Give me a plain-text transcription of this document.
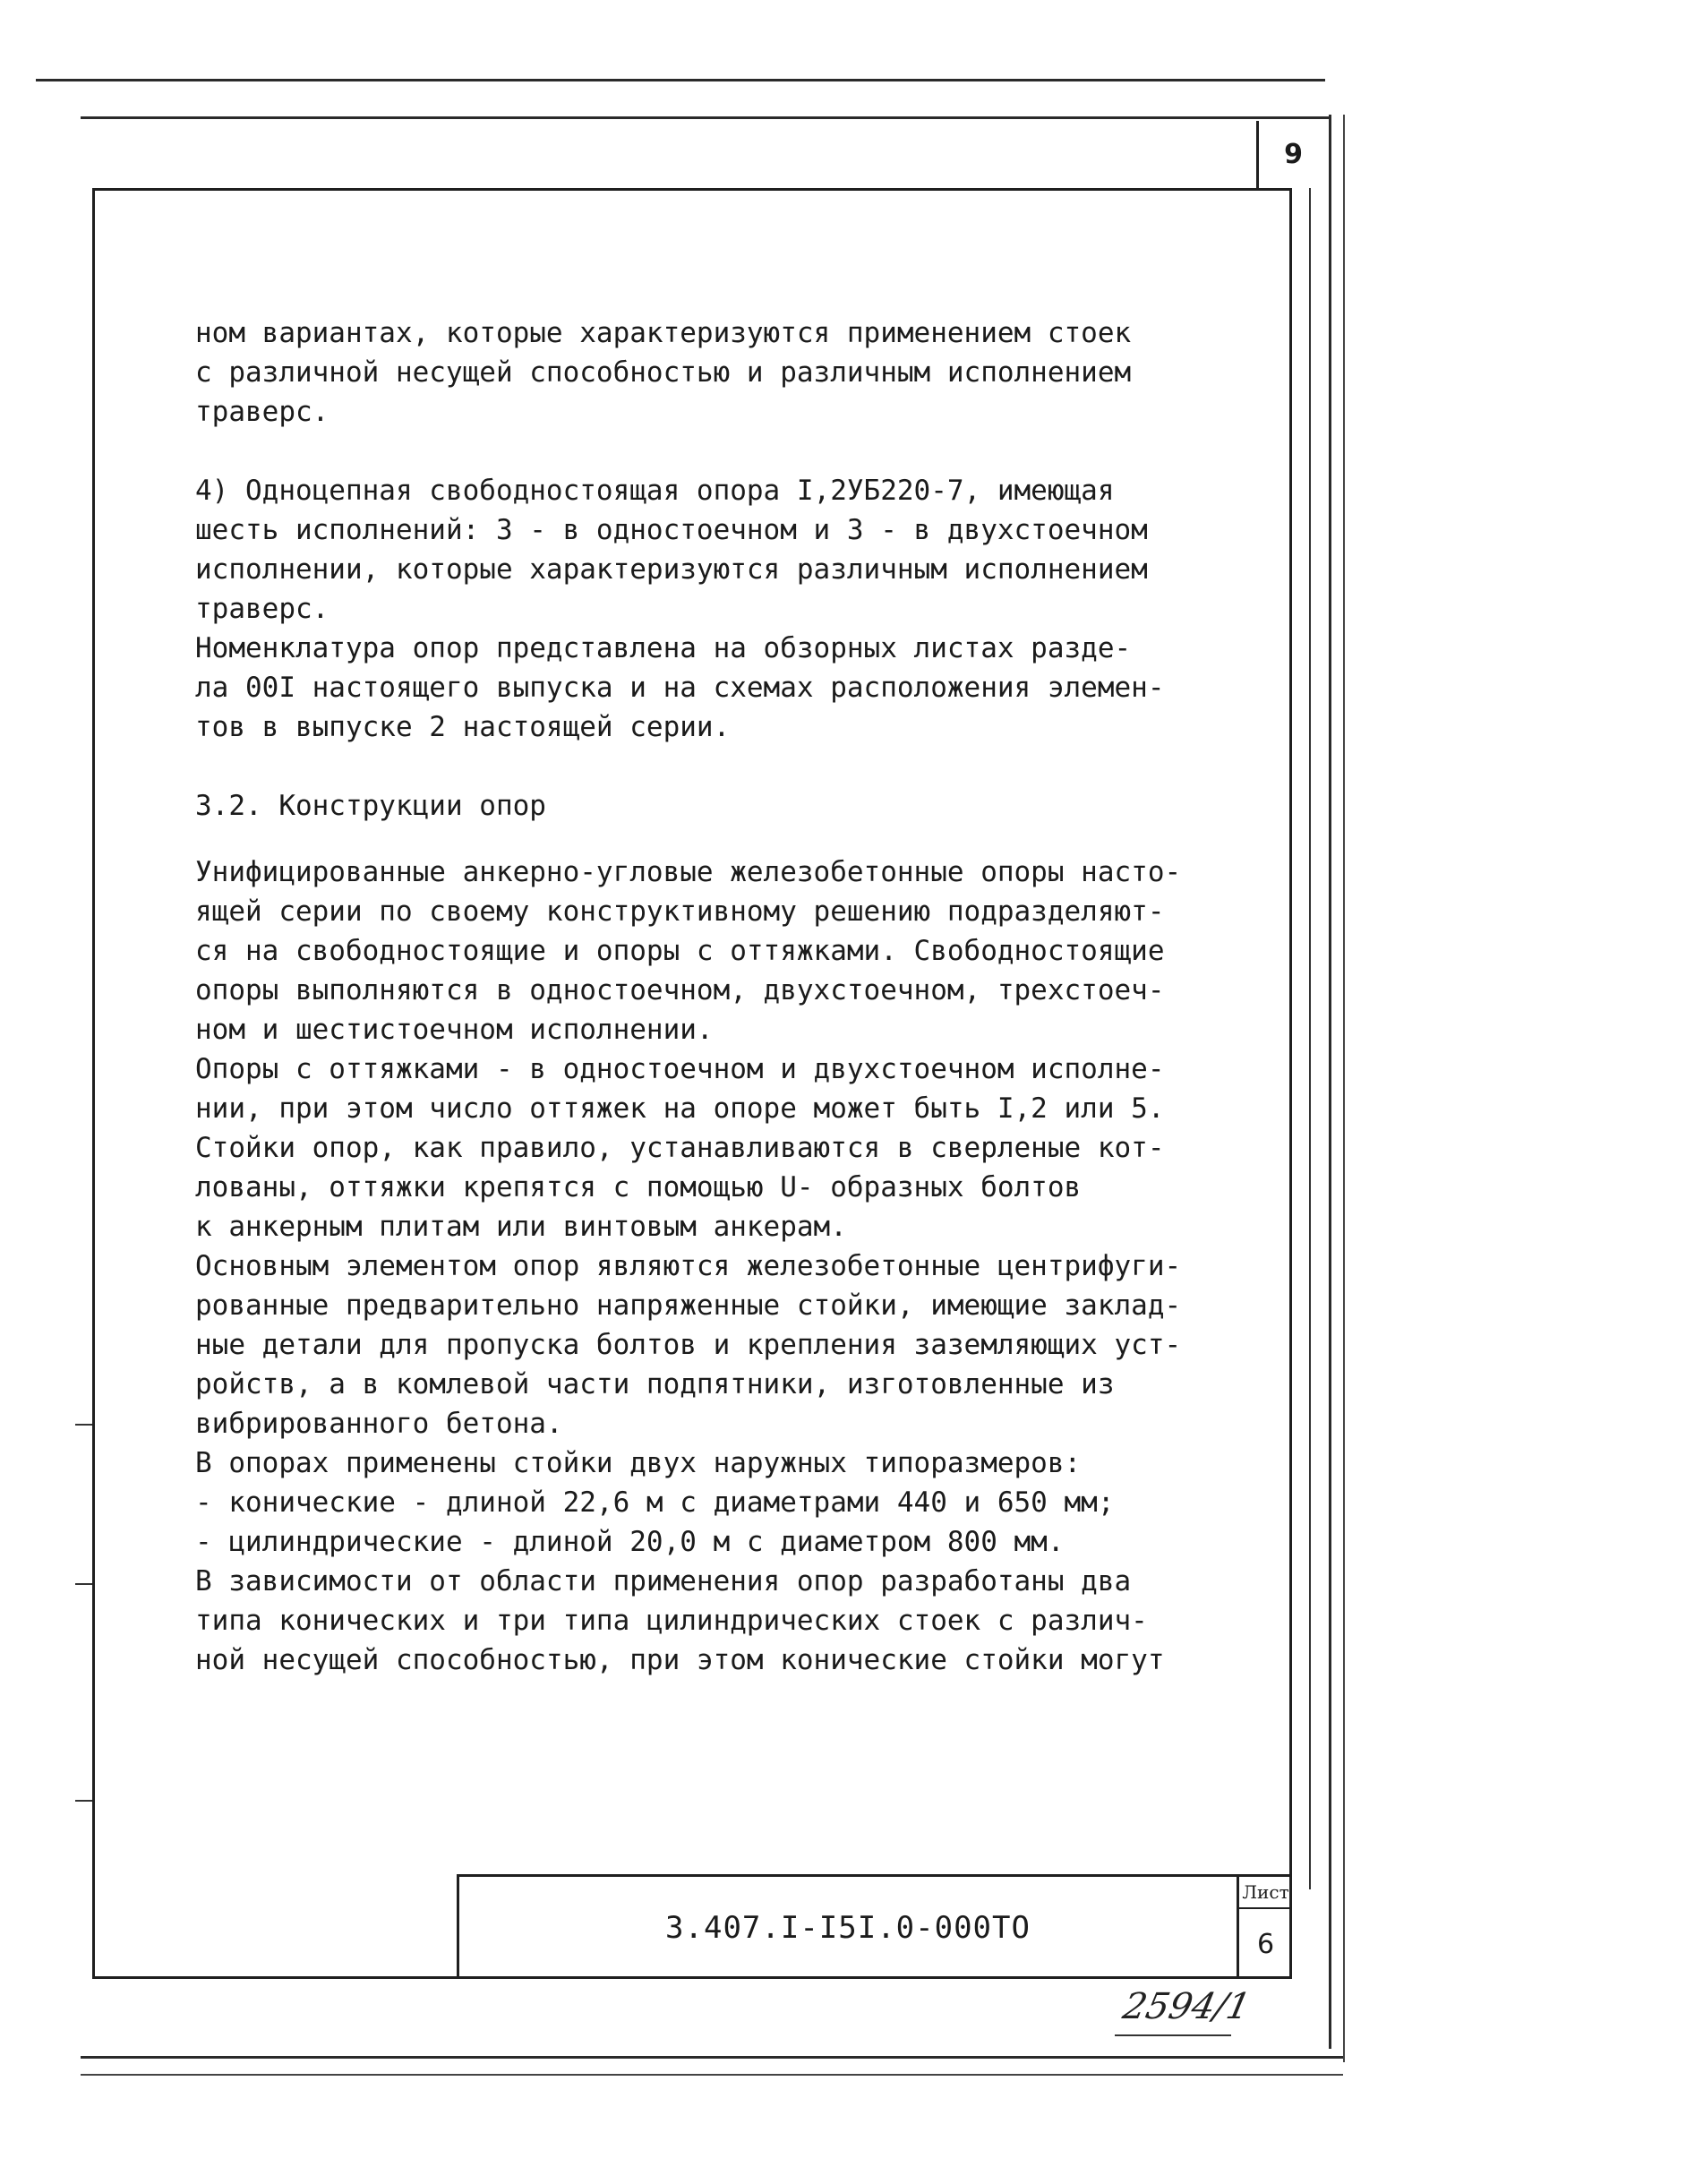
9
ном вариантах, которые характеризуются применением стоек
с различной несущей способностью и различным исполнением
траверс.
4) Одноцепная свободностоящая опора I,2УБ220-7, имеющая
шесть исполнений: 3 - в одностоечном и 3 - в двухстоечном
исполнении, которые характеризуются различным исполнением
траверс.
Номенклатура опор представлена на обзорных листах разде-
ла 00I настоящего выпуска и на схемах расположения элемен-
тов в выпуске 2 настоящей серии.
3.2. Конструкции опор
Унифицированные анкерно-угловые железобетонные опоры насто-
ящей серии по своему конструктивному решению подразделяют-
ся на свободностоящие и опоры с оттяжками. Свободностоящие
опоры выполняются в одностоечном, двухстоечном, трехстоеч-
ном и шестистоечном исполнении.
Опоры с оттяжками - в одностоечном и двухстоечном исполне-
нии, при этом число оттяжек на опоре может быть I,2 или 5.
Стойки опор, как правило, устанавливаются в сверленые кот-
лованы, оттяжки крепятся с помощью U- образных болтов
к анкерным плитам или винтовым анкерам.
Основным элементом опор являются железобетонные центрифуги-
рованные предварительно напряженные стойки, имеющие заклад-
ные детали для пропуска болтов и крепления заземляющих уст-
ройств, а в комлевой части подпятники, изготовленные из
вибрированного бетона.
В опорах применены стойки двух наружных типоразмеров:
- конические - длиной 22,6 м с диаметрами 440 и 650 мм;
- цилиндрические - длиной 20,0 м с диаметром 800 мм.
В зависимости от области применения опор разработаны два
типа конических и три типа цилиндрических стоек с различ-
ной несущей способностью, при этом конические стойки могут
3.407.I-I5I.0-000TO
Лист
6
2594/1
